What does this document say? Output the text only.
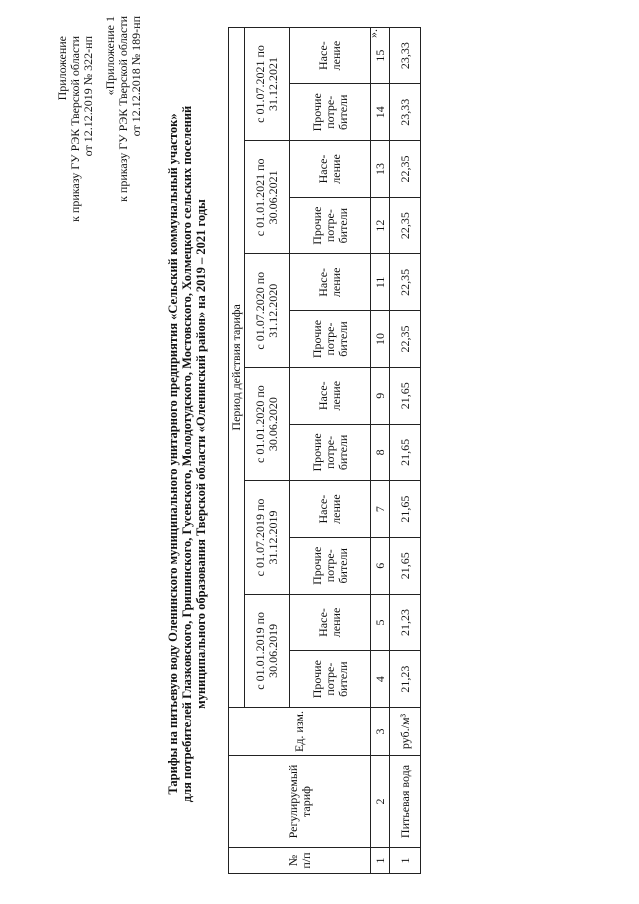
Приложение к приказу ГУ РЭК Тверской области от 12.12.2019 № 322-нп «Приложение 1 к приказу ГУ РЭК Тверской области от 12.12.2018 № 189-нп
Тарифы на питьевую воду Оленинского муниципального унитарного предприятия «Сельский коммунальный участок» для потребителей Глазковского, Гришинского, Гусевского, Молодотудского, Мостовского, Холмецкого сельских поселений муниципального образования Тверской области «Оленинский район» на 2019 – 2021 годы
№ п/п	Регулируемый тариф	Ед. изм.	Период действия тарифа											
			с 01.01.2019 по 30.06.2019		с 01.07.2019 по 31.12.2019		с 01.01.2020 по 30.06.2020		с 01.07.2020 по 31.12.2020		с 01.01.2021 по 30.06.2021		с 01.07.2021 по 31.12.2021	
			Прочие потре-бители	Насе-ление	Прочие потре-бители	Насе-ление	Прочие потре-бители	Насе-ление	Прочие потре-бители	Насе-ление	Прочие потре-бители	Насе-ление	Прочие потре-бители	Насе-ление
1	2	3	4	5	6	7	8	9	10	11	12	13	14	15
1	Питьевая вода	руб./м³	21,23	21,23	21,65	21,65	21,65	21,65	22,35	22,35	22,35	22,35	23,33	23,33
».
